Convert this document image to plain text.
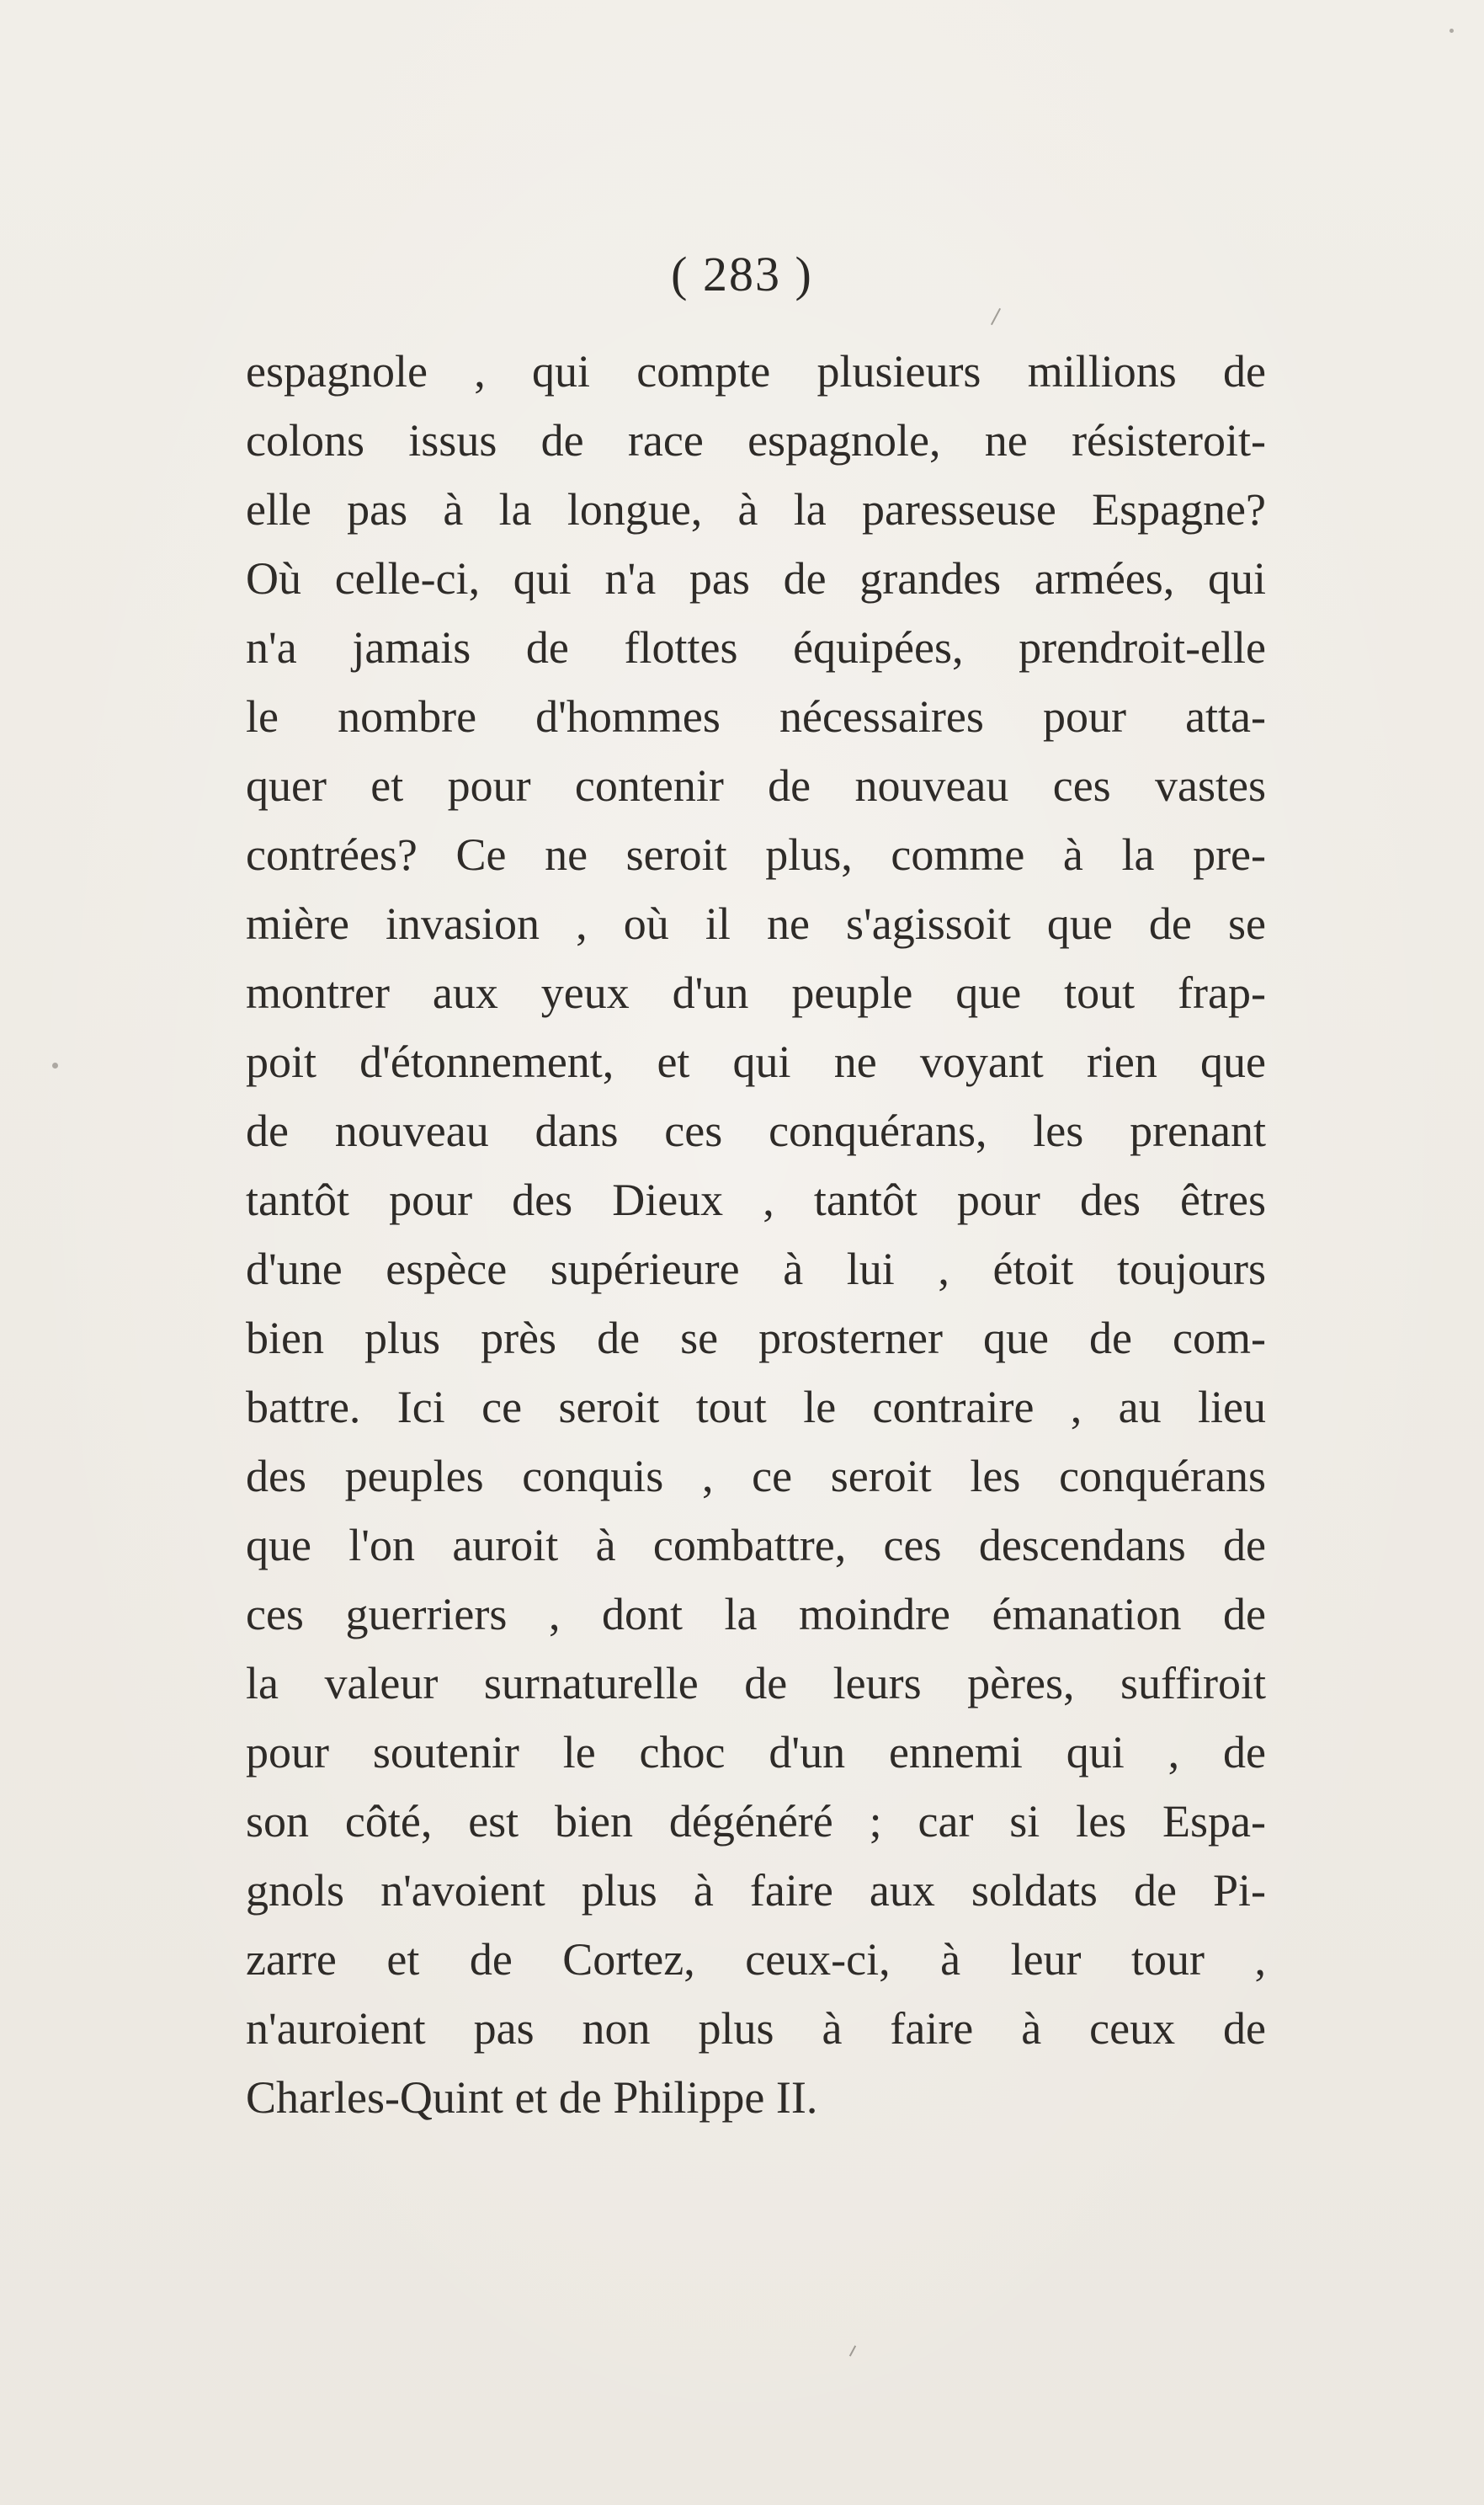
( 283 )
espagnole , qui compte plusieurs millions de
colons issus de race espagnole, ne résisteroit-
elle pas à la longue, à la paresseuse Espagne?
Où celle-ci, qui n'a pas de grandes armées, qui
n'a jamais de flottes équipées, prendroit-elle
le nombre d'hommes nécessaires pour atta-
quer et pour contenir de nouveau ces vastes
contrées? Ce ne seroit plus, comme à la pre-
mière invasion , où il ne s'agissoit que de se
montrer aux yeux d'un peuple que tout frap-
poit d'étonnement, et qui ne voyant rien que
de nouveau dans ces conquérans, les prenant
tantôt pour des Dieux , tantôt pour des êtres
d'une espèce supérieure à lui , étoit toujours
bien plus près de se prosterner que de com-
battre. Ici ce seroit tout le contraire , au lieu
des peuples conquis , ce seroit les conquérans
que l'on auroit à combattre, ces descendans de
ces guerriers , dont la moindre émanation de
la valeur surnaturelle de leurs pères, suffiroit
pour soutenir le choc d'un ennemi qui , de
son côté, est bien dégénéré ; car si les Espa-
gnols n'avoient plus à faire aux soldats de Pi-
zarre et de Cortez, ceux-ci, à leur tour ,
n'auroient pas non plus à faire à ceux de
Charles-Quint et de Philippe II.
